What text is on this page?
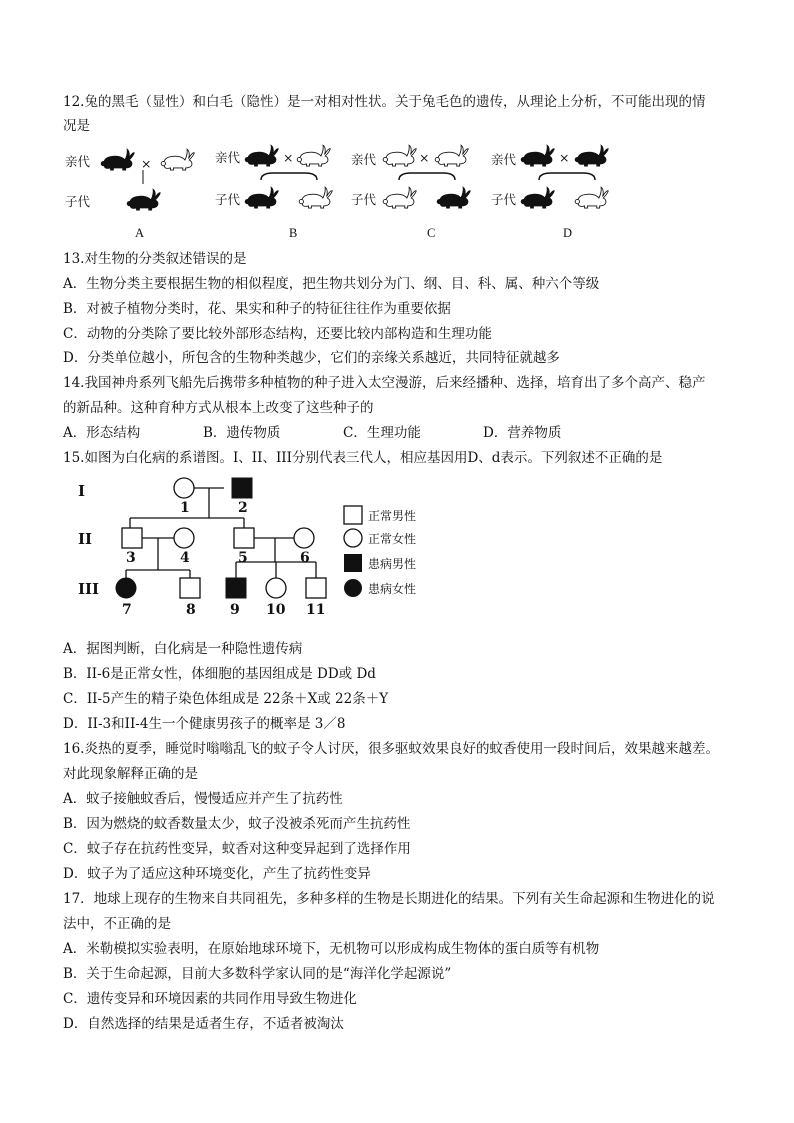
12.兔的黑毛（显性）和白毛（隐性）是一对相对性状。关于兔毛色的遗传，从理论上分析，不可能出现的情
况是
亲代
子代
×
A
亲代
子代
×
B
亲代
子代
×
C
亲代
子代
×
D
13.对生物的分类叙述错误的是
A．生物分类主要根据生物的相似程度，把生物共划分为门、纲、目、科、属、种六个等级
B．对被子植物分类时，花、果实和种子的特征往往作为重要依据
C．动物的分类除了要比较外部形态结构，还要比较内部构造和生理功能
D．分类单位越小，所包含的生物种类越少，它们的亲缘关系越近，共同特征就越多
14.我国神舟系列飞船先后携带多种植物的种子进入太空漫游，后来经播种、选择，培育出了多个高产、稳产
的新品种。这种育种方式从根本上改变了这些种子的
A．形态结构	B．遗传物质	C．生理功能	D．营养物质
15.如图为白化病的系谱图。I、II、III分别代表三代人，相应基因用D、d表示。下列叙述不正确的是
I
II
III
1	2
3	4	5	6
7	8 9 10 11
正常男性
正常女性
患病男性
患病女性
A．据图判断，白化病是一种隐性遗传病
B．II-6是正常女性，体细胞的基因组成是 DD或 Dd
C．II-5产生的精子染色体组成是 22条＋X或 22条＋Y
D．II-3和II-4生一个健康男孩子的概率是 3／8
16.炎热的夏季，睡觉时嗡嗡乱飞的蚊子令人讨厌，很多驱蚊效果良好的蚊香使用一段时间后，效果越来越差。
对此现象解释正确的是
A．蚊子接触蚊香后，慢慢适应并产生了抗药性
B．因为燃烧的蚊香数量太少，蚊子没被杀死而产生抗药性
C．蚊子存在抗药性变异，蚊香对这种变异起到了选择作用
D．蚊子为了适应这种环境变化，产生了抗药性变异
17．地球上现存的生物来自共同祖先，多种多样的生物是长期进化的结果。下列有关生命起源和生物进化的说
法中，不正确的是
A．米勒模拟实验表明，在原始地球环境下，无机物可以形成构成生物体的蛋白质等有机物
B．关于生命起源，目前大多数科学家认同的是“海洋化学起源说”
C．遗传变异和环境因素的共同作用导致生物进化
D．自然选择的结果是适者生存，不适者被淘汰
